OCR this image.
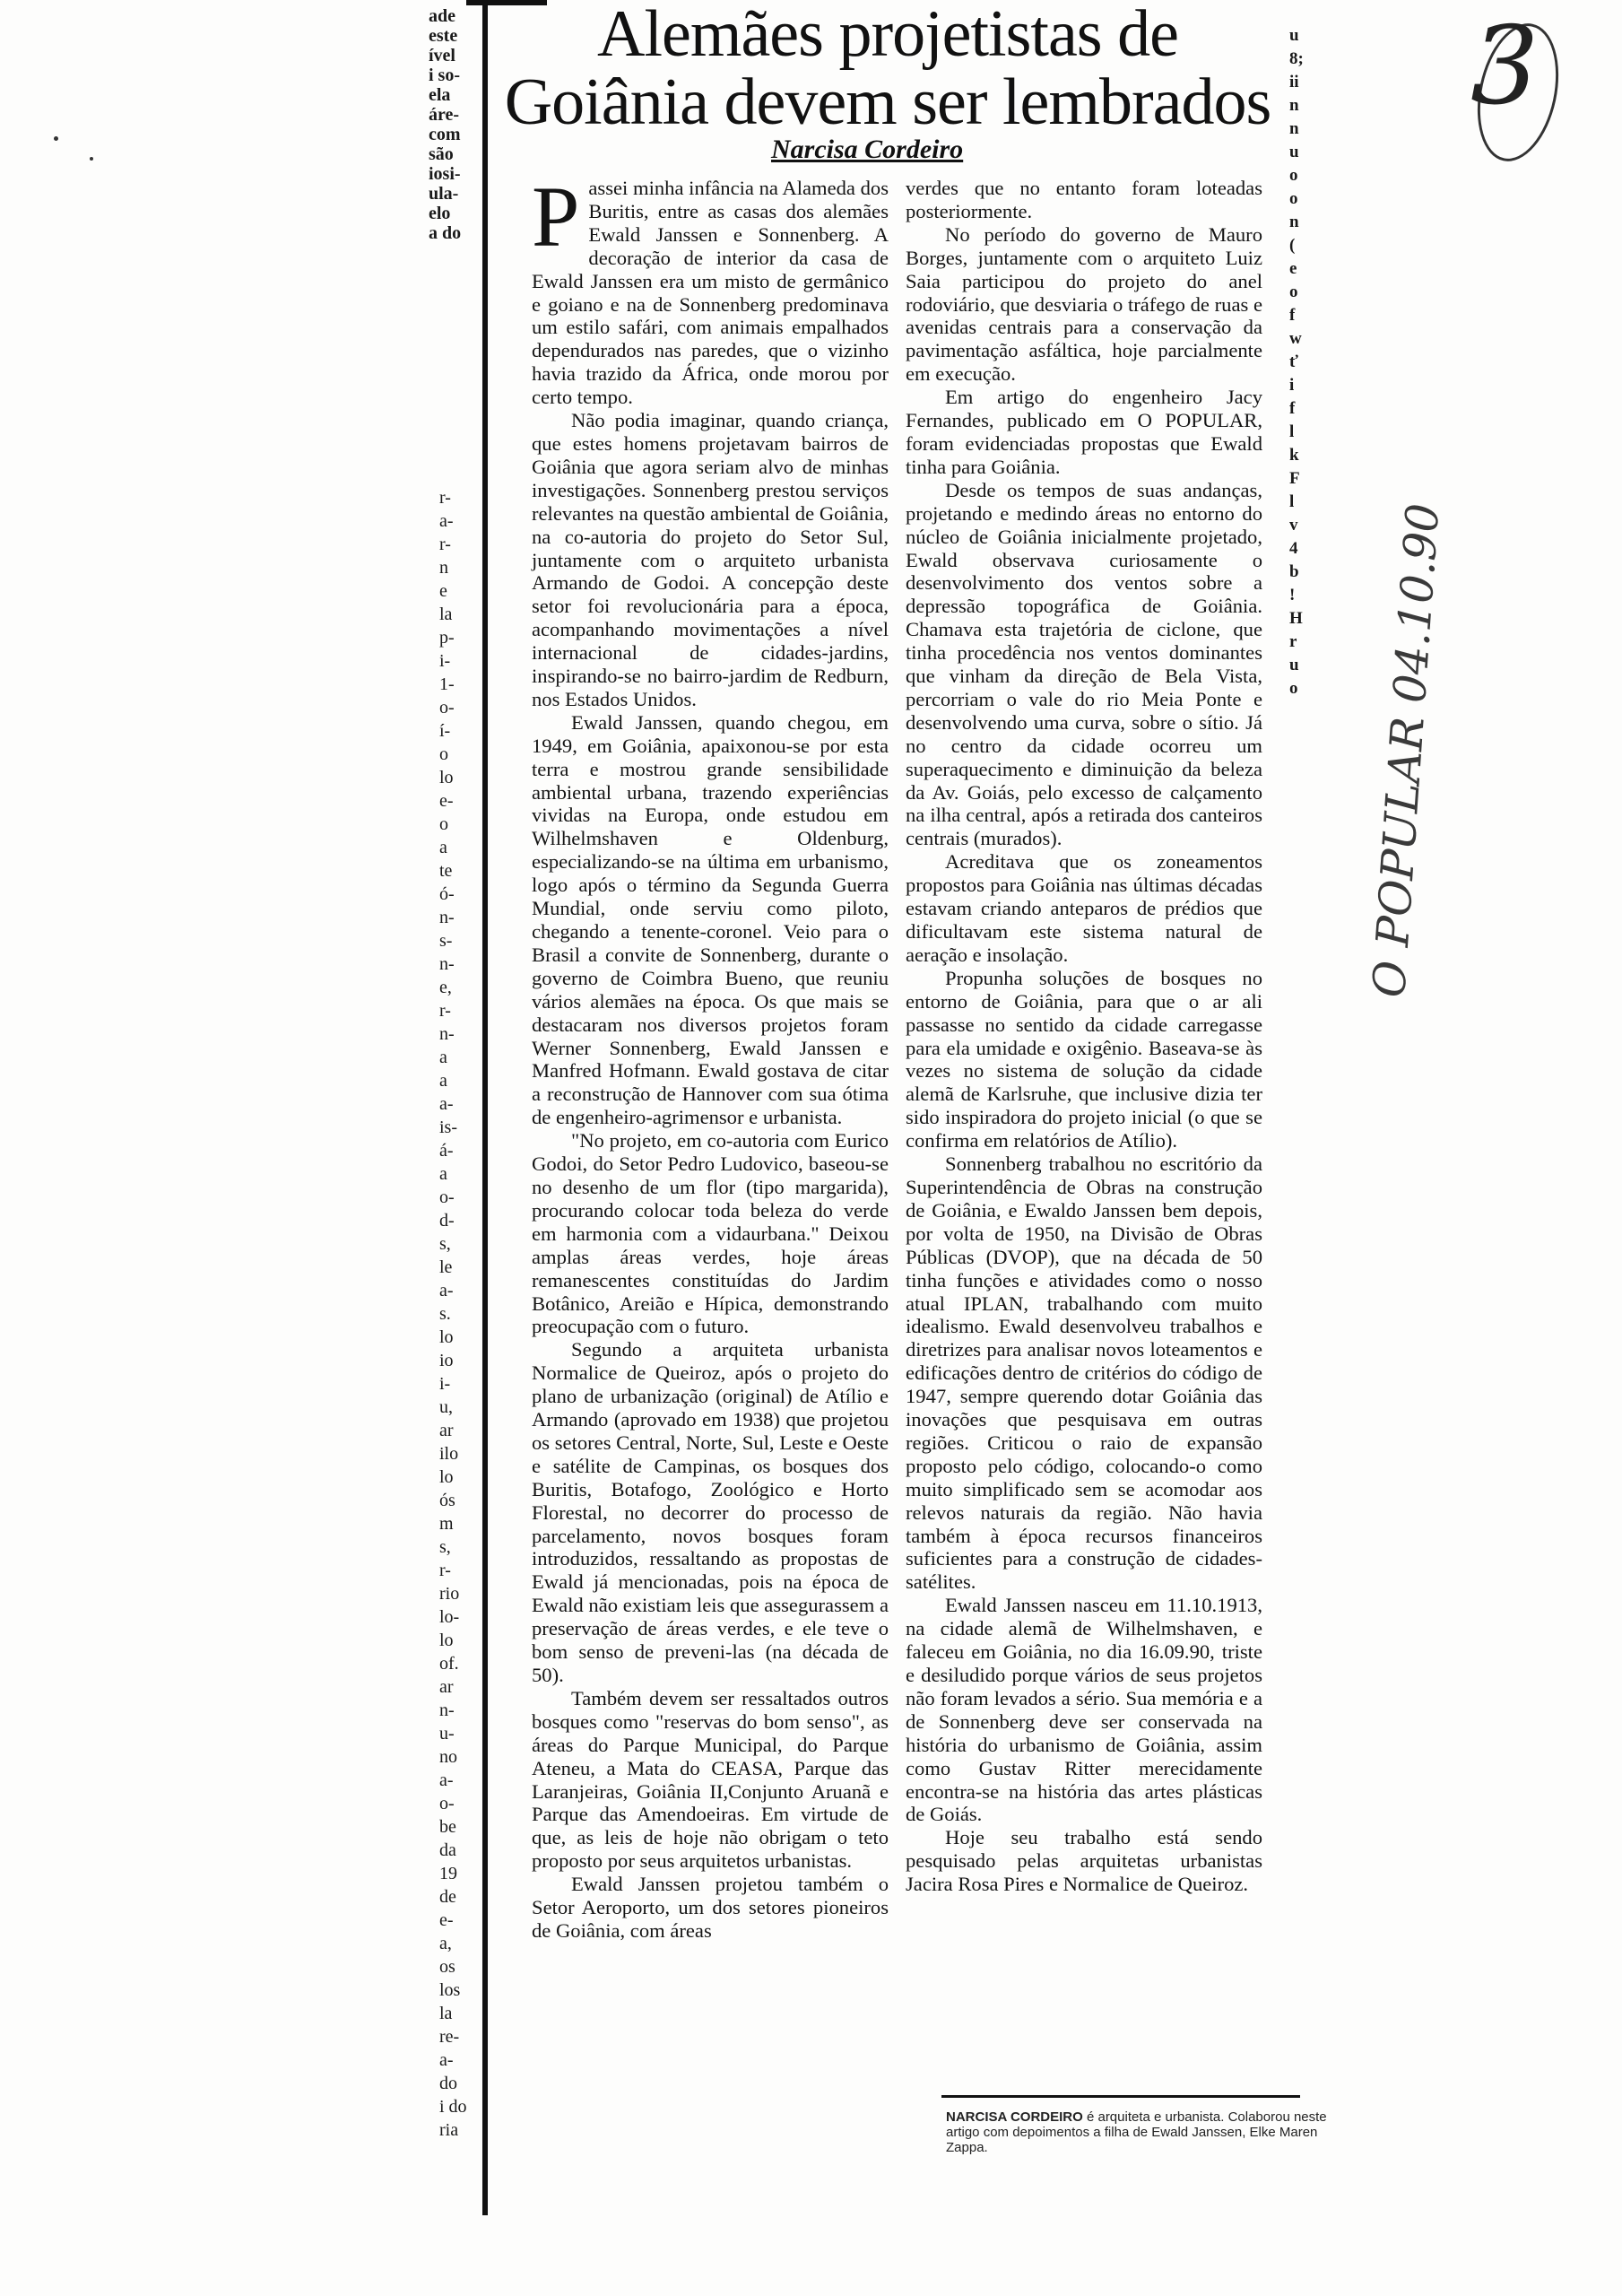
ade
este
ível
i so-
ela
áre-
com
são
iosi-
ula-
elo
a do
r-
a-
r-
n
e
la
p-
i-
1-
o-
í-
o
lo
e-
o
a
te
ó-
n-
s-
n-
e,
r-
n-
a
a
a-
is-
á-
a
o-
d-
s,
le
a-
s.
lo
io
i-
u,
ar
ilo
lo
ós
m
s,
r-
rio
lo-
lo
of.
ar
n-
u-
no
a-
o-
be
da
19
de
e-
a,
os
los
la
re-
a-
do
i do
ria
Alemães projetistas de
Goiânia devem ser lembrados
Narcisa Cordeiro

Passei minha infância na Alameda dos Buritis, entre as casas dos alemães Ewald Janssen e Sonnenberg. A decoração de interior da casa de Ewald Janssen era um misto de germânico e goiano e na de Sonnenberg predominava um estilo safári, com animais empalhados dependurados nas paredes, que o vizinho havia trazido da África, onde morou por certo tempo.

Não podia imaginar, quando criança, que estes homens projetavam bairros de Goiânia que agora seriam alvo de minhas investigações. Sonnenberg prestou serviços relevantes na questão ambiental de Goiânia, na co-autoria do projeto do Setor Sul, juntamente com o arquiteto urbanista Armando de Godoi. A concepção deste setor foi revolucionária para a época, acompanhando movimentações a nível internacional de cidades-jardins, inspirando-se no bairro-jardim de Redburn, nos Estados Unidos.

Ewald Janssen, quando chegou, em 1949, em Goiânia, apaixonou-se por esta terra e mostrou grande sensibilidade ambiental urbana, trazendo experiências vividas na Europa, onde estudou em Wilhelmshaven e Oldenburg, especializando-se na última em urbanismo, logo após o término da Segunda Guerra Mundial, onde serviu como piloto, chegando a tenente-coronel. Veio para o Brasil a convite de Sonnenberg, durante o governo de Coimbra Bueno, que reuniu vários alemães na época. Os que mais se destacaram nos diversos projetos foram Werner Sonnenberg, Ewald Janssen e Manfred Hofmann. Ewald gostava de citar a reconstrução de Hannover com sua ótima de engenheiro-agrimensor e urbanista.

"No projeto, em co-autoria com Eurico Godoi, do Setor Pedro Ludovico, baseou-se no desenho de um flor (tipo margarida), procurando colocar toda beleza do verde em harmonia com a vidaurbana." Deixou amplas áreas verdes, hoje áreas remanescentes constituídas do Jardim Botânico, Areião e Hípica, demonstrando preocupação com o futuro.

Segundo a arquiteta urbanista Normalice de Queiroz, após o projeto do plano de urbanização (original) de Atílio e Armando (aprovado em 1938) que projetou os setores Central, Norte, Sul, Leste e Oeste e satélite de Campinas, os bosques dos Buritis, Botafogo, Zoológico e Horto Florestal, no decorrer do processo de parcelamento, novos bosques foram introduzidos, ressaltando as propostas de Ewald já mencionadas, pois na época de Ewald não existiam leis que assegurassem a preservação de áreas verdes, e ele teve o bom senso de preveni-las (na década de 50).

Também devem ser ressaltados outros bosques como "reservas do bom senso", as áreas do Parque Municipal, do Parque Ateneu, a Mata do CEASA, Parque das Laranjeiras, Goiânia II,Conjunto Aruanã e Parque das Amendoeiras. Em virtude de que, as leis de hoje não obrigam o teto proposto por seus arquitetos urbanistas.

Ewald Janssen projetou também o Setor Aeroporto, um dos setores pioneiros de Goiânia, com áreas

verdes que no entanto foram loteadas posteriormente.

No período do governo de Mauro Borges, juntamente com o arquiteto Luiz Saia participou do projeto do anel rodoviário, que desviaria o tráfego de ruas e avenidas centrais para a conservação da pavimentação asfáltica, hoje parcialmente em execução.

Em artigo do engenheiro Jacy Fernandes, publicado em O POPULAR, foram evidenciadas propostas que Ewald tinha para Goiânia.

Desde os tempos de suas andanças, projetando e medindo áreas no entorno do núcleo de Goiânia inicialmente projetado, Ewald observava curiosamente o desenvolvimento dos ventos sobre a depressão topográfica de Goiânia. Chamava esta trajetória de ciclone, que tinha procedência nos ventos dominantes que vinham da direção de Bela Vista, percorriam o vale do rio Meia Ponte e desenvolvendo uma curva, sobre o sítio. Já no centro da cidade ocorreu um superaquecimento e diminuição da beleza da Av. Goiás, pelo excesso de calçamento na ilha central, após a retirada dos canteiros centrais (murados).

Acreditava que os zoneamentos propostos para Goiânia nas últimas décadas estavam criando anteparos de prédios que dificultavam este sistema natural de aeração e insolação.

Propunha soluções de bosques no entorno de Goiânia, para que o ar ali passasse no sentido da cidade carregasse para ela umidade e oxigênio. Baseava-se às vezes no sistema de solução da cidade alemã de Karlsruhe, que inclusive dizia ter sido inspiradora do projeto inicial (o que se confirma em relatórios de Atílio).

Sonnenberg trabalhou no escritório da Superintendência de Obras na construção de Goiânia, e Ewaldo Janssen bem depois, por volta de 1950, na Divisão de Obras Públicas (DVOP), que na década de 50 tinha funções e atividades como o nosso atual IPLAN, trabalhando com muito idealismo. Ewald desenvolveu trabalhos e diretrizes para analisar novos loteamentos e edificações dentro de critérios do código de 1947, sempre querendo dotar Goiânia das inovações que pesquisava em outras regiões. Criticou o raio de expansão proposto pelo código, colocando-o como muito simplificado sem se acomodar aos relevos naturais da região. Não havia também à época recursos financeiros suficientes para a construção de cidades-satélites.

Ewald Janssen nasceu em 11.10.1913, na cidade alemã de Wilhelmshaven, e faleceu em Goiânia, no dia 16.09.90, triste e desiludido porque vários de seus projetos não foram levados a sério. Sua memória e a de Sonnenberg deve ser conservada na história do urbanismo de Goiânia, assim como Gustav Ritter merecidamente encontra-se na história das artes plásticas de Goiás.

Hoje seu trabalho está sendo pesquisado pelas arquitetas urbanistas Jacira Rosa Pires e Normalice de Queiroz.

NARCISA CORDEIRO é arquiteta e urbanista. Colaborou neste artigo com depoimentos a filha de Ewald Janssen, Elke Maren Zappa.
u
8;
ii
n
n
u
o
o
n
(
e
o
f
w
ť
i
f
l
k
F
l
v
4
b
!
H
r
u
o
3
O POPULAR 04.10.90
